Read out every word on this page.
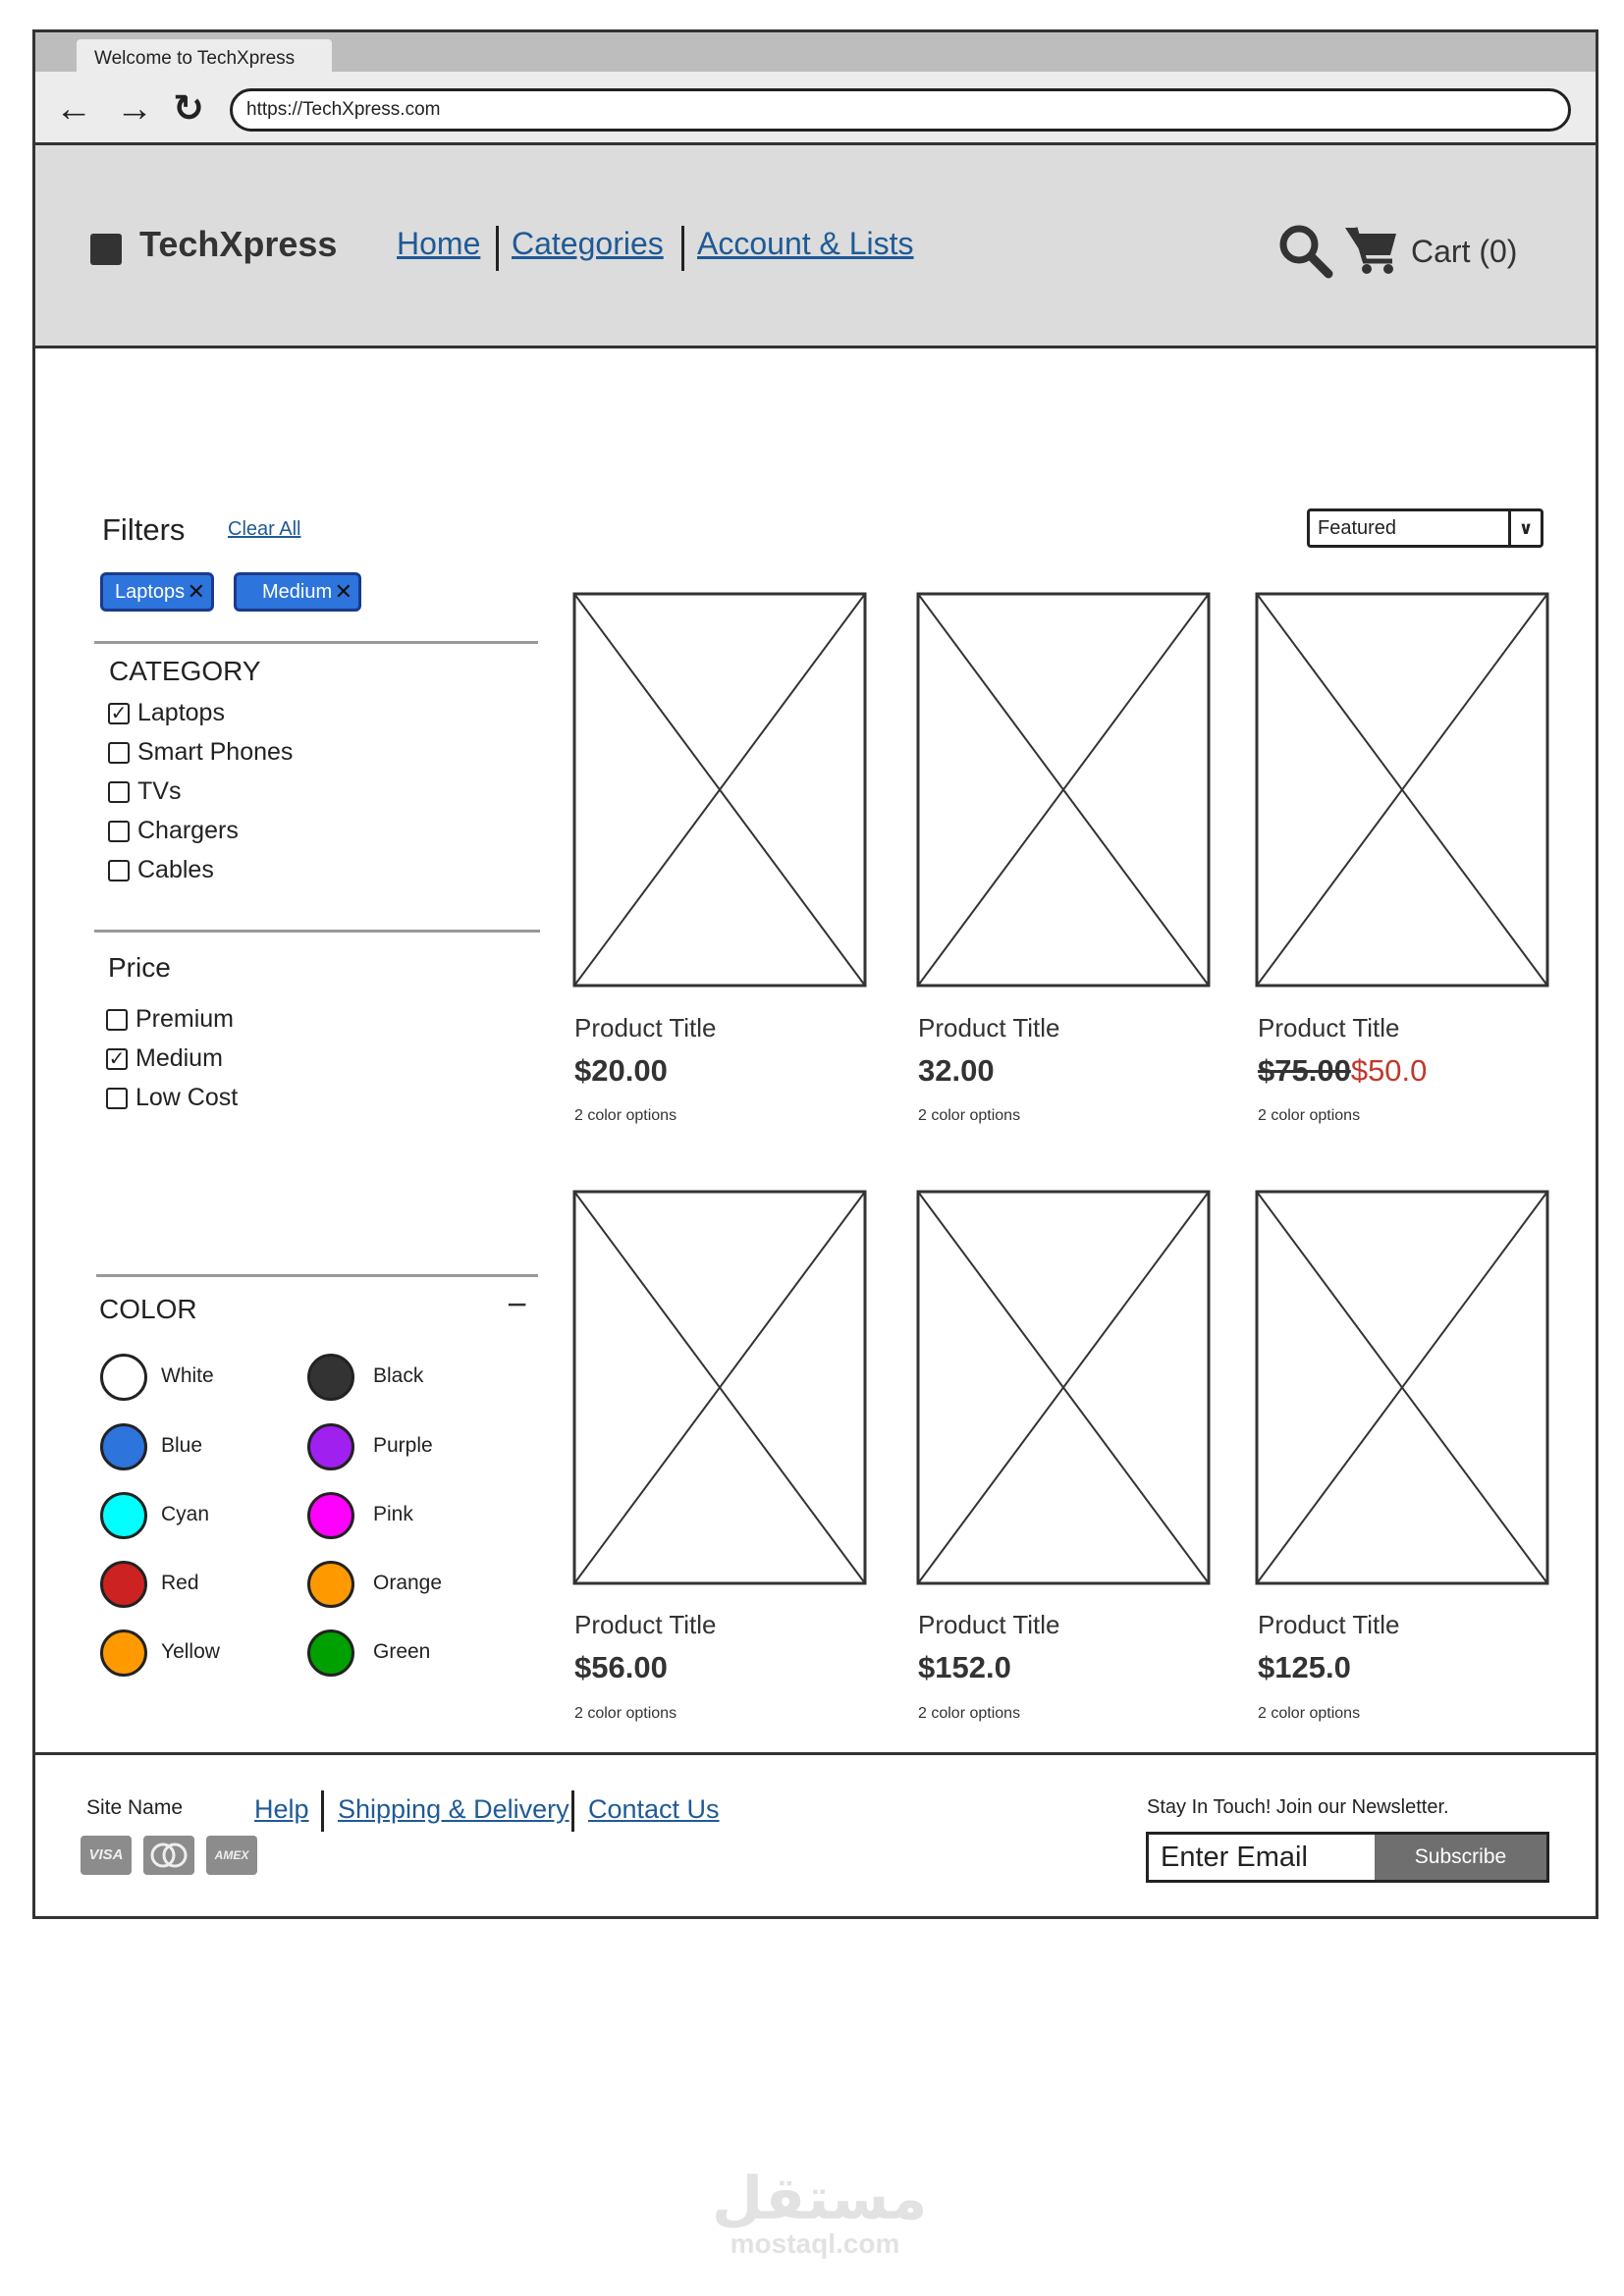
Welcome to TechXpress
← → ↻	https://TechXpress.com
TechXpress Home Categories Account & Lists	Cart (0)
Filters Clear All
Laptops ✕	Medium ✕
CATEGORY
✓ Laptops
Smart Phones
TVs
Chargers
Cables
Price
Premium
✓ Medium
Low Cost
COLOR	−
White	Black
Blue	Purple
Cyan	Pink
Red	Orange
Yellow	Green
Featured	∨
Product Title
$20.00
2 color options
Product Title
32.00
2 color options
Product Title
$75.00$50.0
2 color options
Product Title
$56.00
2 color options
Product Title
$152.0
2 color options
Product Title
$125.0
2 color options
Site Name	Help Shipping & Delivery Contact Us
VISA	AMEX
Stay In Touch! Join our Newsletter.
Enter Email
Subscribe
مستقل
mostaql.com
